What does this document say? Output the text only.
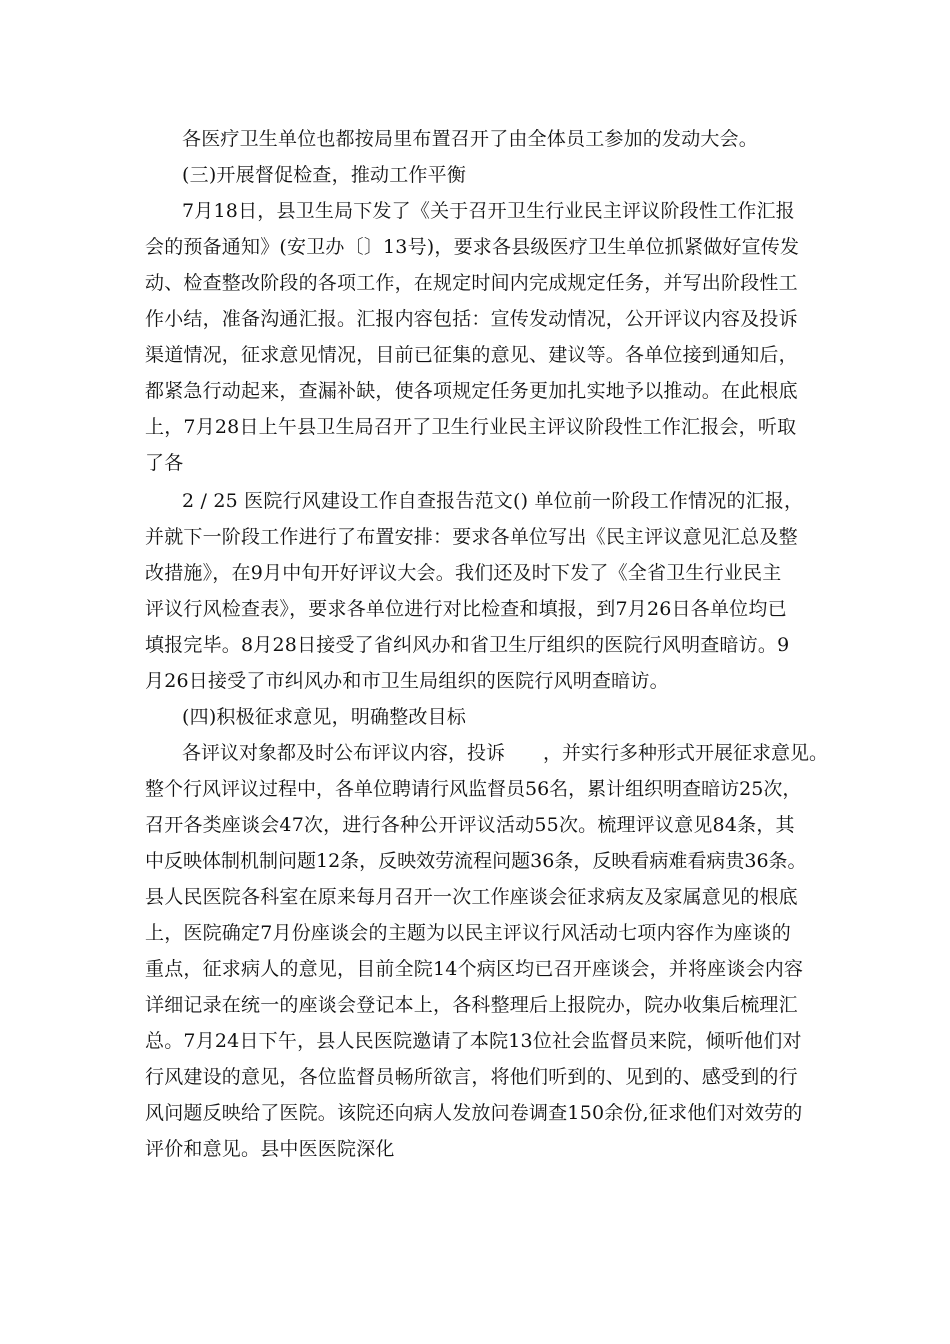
各医疗卫生单位也都按局里布置召开了由全体员工参加的发动大会。
(三)开展督促检查，推动工作平衡
7月18日，县卫生局下发了《关于召开卫生行业民主评议阶段性工作汇报
会的预备通知》(安卫办〔〕13号)，要求各县级医疗卫生单位抓紧做好宣传发
动、检查整改阶段的各项工作，在规定时间内完成规定任务，并写出阶段性工
作小结，准备沟通汇报。汇报内容包括：宣传发动情况，公开评议内容及投诉
渠道情况，征求意见情况，目前已征集的意见、建议等。各单位接到通知后，
都紧急行动起来，查漏补缺，使各项规定任务更加扎实地予以推动。在此根底
上，7月28日上午县卫生局召开了卫生行业民主评议阶段性工作汇报会，听取
了各
2 / 25 医院行风建设工作自查报告范文() 单位前一阶段工作情况的汇报，
并就下一阶段工作进行了布置安排：要求各单位写出《民主评议意见汇总及整
改措施》，在9月中旬开好评议大会。我们还及时下发了《全省卫生行业民主
评议行风检查表》，要求各单位进行对比检查和填报，到7月26日各单位均已
填报完毕。8月28日接受了省纠风办和省卫生厅组织的医院行风明查暗访。9
月26日接受了市纠风办和市卫生局组织的医院行风明查暗访。
(四)积极征求意见，明确整改目标
各评议对象都及时公布评议内容，投诉　　，并实行多种形式开展征求意见。
整个行风评议过程中，各单位聘请行风监督员56名，累计组织明查暗访25次，
召开各类座谈会47次，进行各种公开评议活动55次。梳理评议意见84条，其
中反映体制机制问题12条，反映效劳流程问题36条，反映看病难看病贵36条。
县人民医院各科室在原来每月召开一次工作座谈会征求病友及家属意见的根底
上，医院确定7月份座谈会的主题为以民主评议行风活动七项内容作为座谈的
重点，征求病人的意见，目前全院14个病区均已召开座谈会，并将座谈会内容
详细记录在统一的座谈会登记本上，各科整理后上报院办，院办收集后梳理汇
总。7月24日下午，县人民医院邀请了本院13位社会监督员来院，倾听他们对
行风建设的意见，各位监督员畅所欲言，将他们听到的、见到的、感受到的行
风问题反映给了医院。该院还向病人发放问卷调查150余份,征求他们对效劳的
评价和意见。县中医医院深化
